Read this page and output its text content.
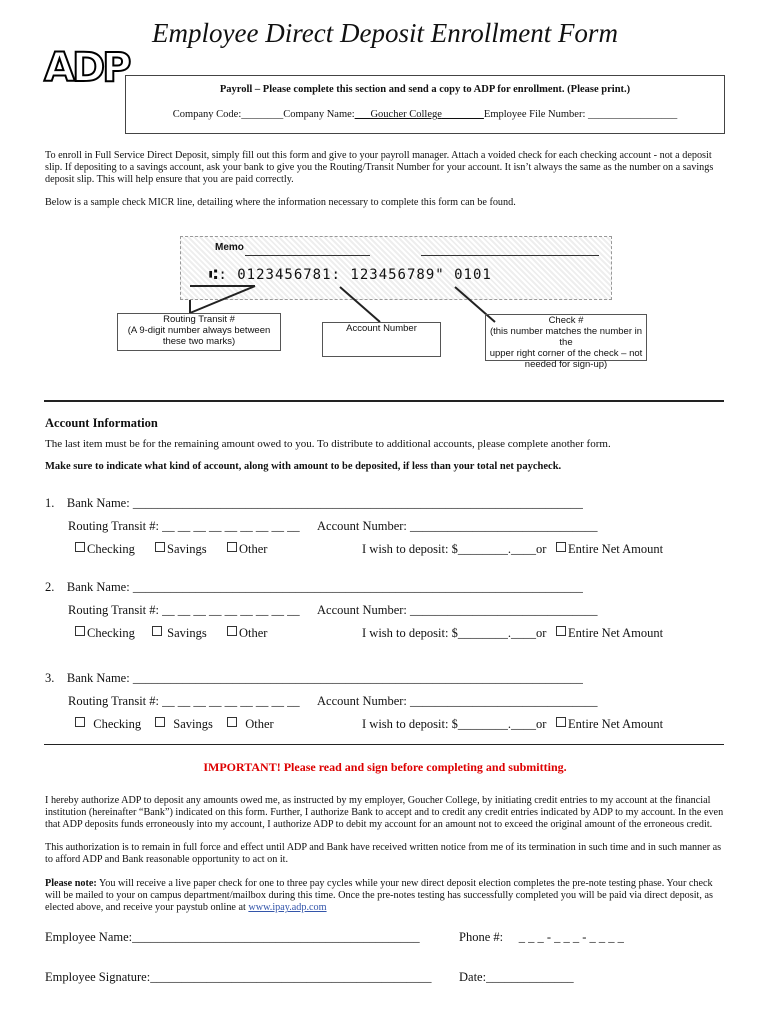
Employee Direct Deposit Enrollment Form
ADP	Payroll – Please complete this section and send a copy to ADP for enrollment. (Please print.)
Company Code:________Company Name:___Goucher College________Employee File Number: _________________
To enroll in Full Service Direct Deposit, simply fill out this form and give to your payroll manager. Attach a voided check for each checking account - not a deposit slip. If depositing to a savings account, ask your bank to give you the Routing/Transit Number for your account. It isn’t always the same as the number on a savings deposit slip. This will help ensure that you are paid correctly.
Below is a sample check MICR line, detailing where the information necessary to complete this form can be found.
Memo
⑆: 0123456781: 123456789" 0101
Routing Transit #
(A 9-digit number always between
these two marks)
Account Number
Check #
(this number matches the number in the
upper right corner of the check – not
needed for sign-up)
Account Information
The last item must be for the remaining amount owed to you. To distribute to additional accounts, please complete another form.
Make sure to indicate what kind of account, along with amount to be deposited, if less than your total net paycheck.
1. Bank Name: ________________________________________________________________________
Routing Transit #: __ __ __ __ __ __ __ __ __ Account Number: ______________________________
Checking	Savings	Other	I wish to deposit: $________.____or	Entire Net Amount
2. Bank Name: ________________________________________________________________________
Routing Transit #: __ __ __ __ __ __ __ __ __ Account Number: ______________________________
Checking	Savings	Other	I wish to deposit: $________.____or	Entire Net Amount
3. Bank Name: ________________________________________________________________________
Routing Transit #: __ __ __ __ __ __ __ __ __ Account Number: ______________________________
Checking	Savings	Other	I wish to deposit: $________.____or	Entire Net Amount
IMPORTANT! Please read and sign before completing and submitting.
I hereby authorize ADP to deposit any amounts owed me, as instructed by my employer, Goucher College, by initiating credit entries to my account at the financial institution (hereinafter “Bank”) indicated on this form. Further, I authorize Bank to accept and to credit any credit entries indicated by ADP to my account. In the even that ADP deposits funds erroneously into my account, I authorize ADP to debit my account for an amount not to exceed the original amount of the erroneous credit.
This authorization is to remain in full force and effect until ADP and Bank have received written notice from me of its termination in such time and in such manner as to afford ADP and Bank reasonable opportunity to act on it.
Please note: You will receive a live paper check for one to three pay cycles while your new direct deposit election completes the pre-note testing phase. Your check will be mailed to your on campus department/mailbox during this time. Once the pre-notes testing has successfully completed you will be paid via direct deposit, as elected above, and receive your paystub online at www.ipay.adp.com
Employee Name:______________________________________________	Phone #: _ _ _ - _ _ _ - _ _ _ _
Employee Signature:_____________________________________________ Date:______________
